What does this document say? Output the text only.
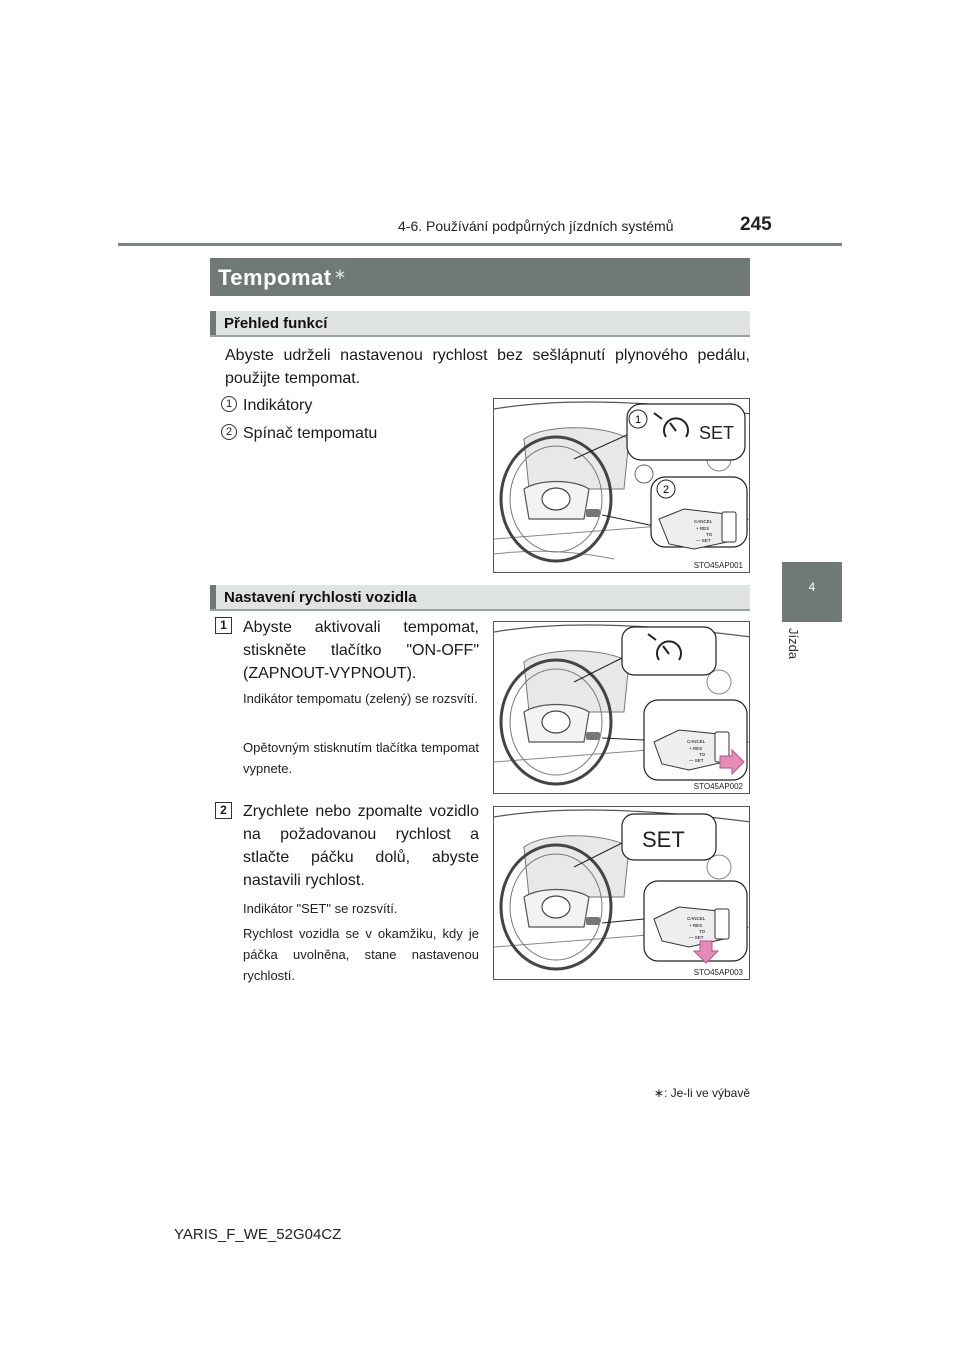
4-6. Používání podpůrných jízdních systémů	245
4
Jízda
Tempomat ∗
Přehled funkcí
Abyste udrželi nastavenou rychlost bez sešlápnutí plynového pedálu, použijte tempomat.
1 Indikátory
2 Spínač tempomatu
1
SET
2
CANCEL
+ RES
TO
— SET
STO45AP001
Nastavení rychlosti vozidla
1	Abyste aktivovali tempomat, stiskněte tlačítko "ON-OFF" (ZAPNOUT-VYPNOUT).
Indikátor tempomatu (zelený) se rozsvítí.
Opětovným stisknutím tlačítka tempomat vypnete.
CANCEL
+ RES
TO
— SET
STO45AP002
2	Zrychlete nebo zpomalte vozidlo na požadovanou rychlost a stlačte páčku dolů, abyste nastavili rychlost.
Indikátor "SET" se rozsvítí.
Rychlost vozidla se v okamžiku, kdy je páčka uvolněna, stane nastavenou rychlostí.
SET
CANCEL
+ RES
TO
— SET
STO45AP003
∗: Je-li ve výbavě
YARIS_F_WE_52G04CZ
